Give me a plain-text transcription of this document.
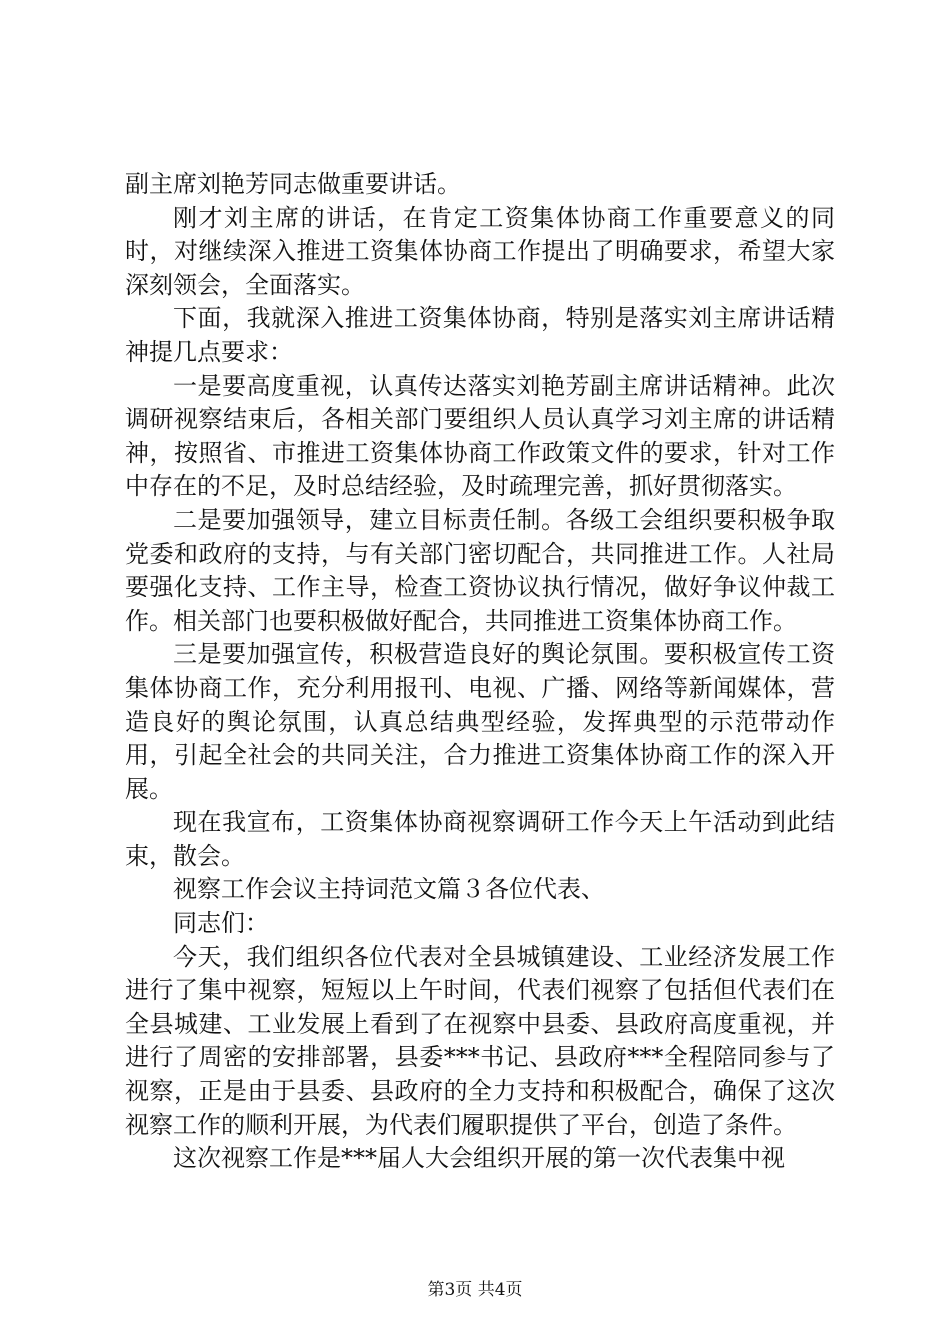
副主席刘艳芳同志做重要讲话。

刚才刘主席的讲话，在肯定工资集体协商工作重要意义的同时，对继续深入推进工资集体协商工作提出了明确要求，希望大家深刻领会，全面落实。

下面，我就深入推进工资集体协商，特别是落实刘主席讲话精神提几点要求：

一是要高度重视，认真传达落实刘艳芳副主席讲话精神。此次调研视察结束后，各相关部门要组织人员认真学习刘主席的讲话精神，按照省、市推进工资集体协商工作政策文件的要求，针对工作中存在的不足，及时总结经验，及时疏理完善，抓好贯彻落实。

二是要加强领导，建立目标责任制。各级工会组织要积极争取党委和政府的支持，与有关部门密切配合，共同推进工作。人社局要强化支持、工作主导，检查工资协议执行情况，做好争议仲裁工作。相关部门也要积极做好配合，共同推进工资集体协商工作。

三是要加强宣传，积极营造良好的舆论氛围。要积极宣传工资集体协商工作，充分利用报刊、电视、广播、网络等新闻媒体，营造良好的舆论氛围，认真总结典型经验，发挥典型的示范带动作用，引起全社会的共同关注，合力推进工资集体协商工作的深入开展。

现在我宣布，工资集体协商视察调研工作今天上午活动到此结束，散会。

视察工作会议主持词范文篇３各位代表、

同志们：

今天，我们组织各位代表对全县城镇建设、工业经济发展工作进行了集中视察，短短以上午时间，代表们视察了包括但代表们在全县城建、工业发展上看到了在视察中县委、县政府高度重视，并进行了周密的安排部署，县委***书记、县政府***全程陪同参与了视察，正是由于县委、县政府的全力支持和积极配合，确保了这次视察工作的顺利开展，为代表们履职提供了平台，创造了条件。

这次视察工作是***届人大会组织开展的第一次代表集中视

第3页 共4页
